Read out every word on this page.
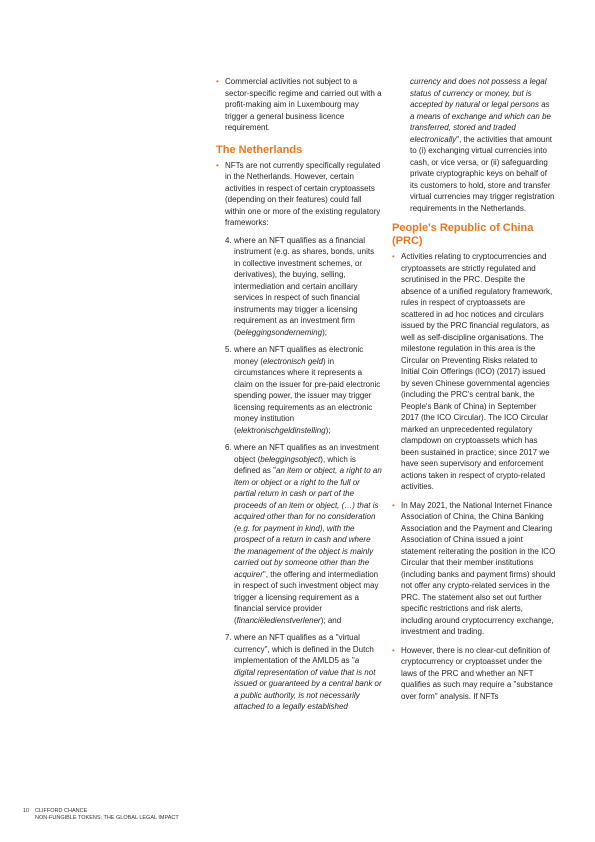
• Commercial activities not subject to a sector-specific regime and carried out with a profit-making aim in Luxembourg may trigger a general business licence requirement.

The Netherlands

• NFTs are not currently specifically regulated in the Netherlands. However, certain activities in respect of certain cryptoassets (depending on their features) could fall within one or more of the existing regulatory frameworks:

4. where an NFT qualifies as a financial instrument (e.g. as shares, bonds, units in collective investment schemes, or derivatives), the buying, selling, intermediation and certain ancillary services in respect of such financial instruments may trigger a licensing requirement as an investment firm (beleggingsonderneming);

5. where an NFT qualifies as electronic money (electronisch geld) in circumstances where it represents a claim on the issuer for pre-paid electronic spending power, the issuer may trigger licensing requirements as an electronic money institution (elektronischgeldinstelling);

6. where an NFT qualifies as an investment object (beleggingsobject), which is defined as "an item or object, a right to an item or object or a right to the full or partial return in cash or part of the proceeds of an item or object, (…) that is acquired other than for no consideration (e.g. for payment in kind), with the prospect of a return in cash and where the management of the object is mainly carried out by someone other than the acquirer", the offering and intermediation in respect of such investment object may trigger a licensing requirement as a financial service provider (financiëledienstverlener); and

7. where an NFT qualifies as a "virtual currency", which is defined in the Dutch implementation of the AMLD5 as "a digital representation of value that is not issued or guaranteed by a central bank or a public authority, is not necessarily attached to a legally established

currency and does not possess a legal status of currency or money, but is accepted by natural or legal persons as a means of exchange and which can be transferred, stored and traded electronically", the activities that amount to (i) exchanging virtual currencies into cash, or vice versa, or (ii) safeguarding private cryptographic keys on behalf of its customers to hold, store and transfer virtual currencies may trigger registration requirements in the Netherlands.

People's Republic of China (PRC)

• Activities relating to cryptocurrencies and cryptoassets are strictly regulated and scrutinised in the PRC. Despite the absence of a unified regulatory framework, rules in respect of cryptoassets are scattered in ad hoc notices and circulars issued by the PRC financial regulators, as well as self-discipline organisations. The milestone regulation in this area is the Circular on Preventing Risks related to Initial Coin Offerings (ICO) (2017) issued by seven Chinese governmental agencies (including the PRC's central bank, the People's Bank of China) in September 2017 (the ICO Circular). The ICO Circular marked an unprecedented regulatory clampdown on cryptoassets which has been sustained in practice; since 2017 we have seen supervisory and enforcement actions taken in respect of crypto-related activities.

• In May 2021, the National Internet Finance Association of China, the China Banking Association and the Payment and Clearing Association of China issued a joint statement reiterating the position in the ICO Circular that their member institutions (including banks and payment firms) should not offer any crypto-related services in the PRC. The statement also set out further specific restrictions and risk alerts, including around cryptocurrency exchange, investment and trading.

• However, there is no clear-cut definition of cryptocurrency or cryptoasset under the laws of the PRC and whether an NFT qualifies as such may require a "substance over form" analysis. If NFTs

10 CLIFFORD CHANCE
NON-FUNGIBLE TOKENS: THE GLOBAL LEGAL IMPACT
